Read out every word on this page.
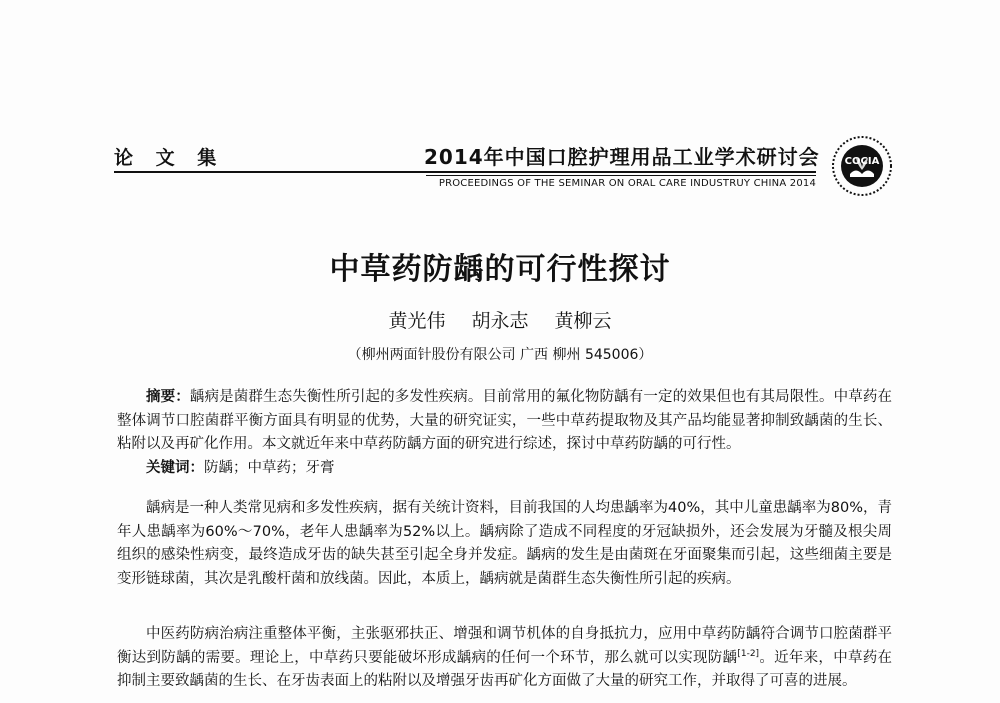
论 文 集	2014年中国口腔护理用品工业学术研讨会
PROCEEDINGS OF THE SEMINAR ON ORAL CARE INDUSTRUY CHINA 2014
COCIA
中草药防龋的可行性探讨
黄光伟 胡永志 黄柳云
（柳州两面针股份有限公司 广西 柳州 545006）
摘要：龋病是菌群生态失衡性所引起的多发性疾病。目前常用的氟化物防龋有一定的效果但也有其局限性。中草药在整体调节口腔菌群平衡方面具有明显的优势，大量的研究证实，一些中草药提取物及其产品均能显著抑制致龋菌的生长、粘附以及再矿化作用。本文就近年来中草药防龋方面的研究进行综述，探讨中草药防龋的可行性。
关键词：防龋；中草药；牙膏
龋病是一种人类常见病和多发性疾病，据有关统计资料，目前我国的人均患龋率为40%，其中儿童患龋率为80%，青年人患龋率为60%～70%，老年人患龋率为52%以上。龋病除了造成不同程度的牙冠缺损外，还会发展为牙髓及根尖周组织的感染性病变，最终造成牙齿的缺失甚至引起全身并发症。龋病的发生是由菌斑在牙面聚集而引起，这些细菌主要是变形链球菌，其次是乳酸杆菌和放线菌。因此，本质上，龋病就是菌群生态失衡性所引起的疾病。
中医药防病治病注重整体平衡，主张驱邪扶正、增强和调节机体的自身抵抗力，应用中草药防龋符合调节口腔菌群平衡达到防龋的需要。理论上，中草药只要能破坏形成龋病的任何一个环节，那么就可以实现防龋[1-2]。近年来，中草药在抑制主要致龋菌的生长、在牙齿表面上的粘附以及增强牙齿再矿化方面做了大量的研究工作，并取得了可喜的进展。
